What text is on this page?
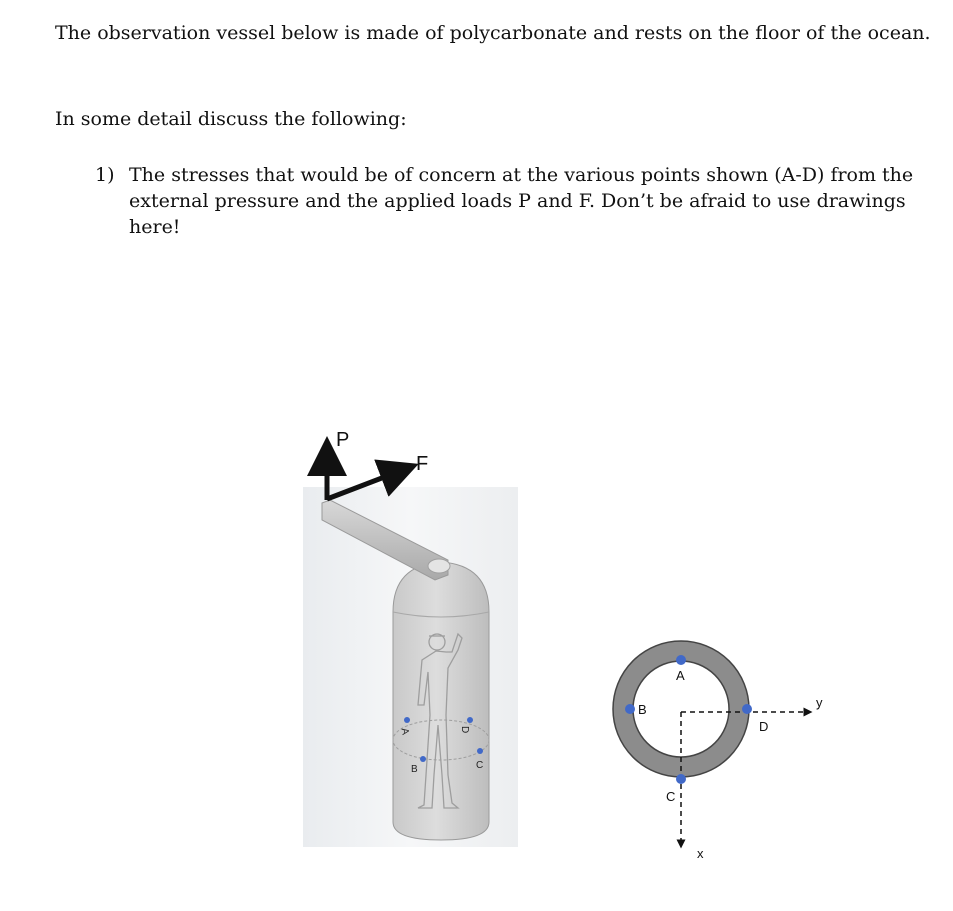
The observation vessel below is made of polycarbonate and rests on the floor of the ocean.
In some detail discuss the following:
1) The stresses that would be of concern at the various points shown (A-D) from the external pressure and the applied loads P and F. Don’t be afraid to use drawings here!
A
B
D
C
P
F
y
x
A
B
C
D
